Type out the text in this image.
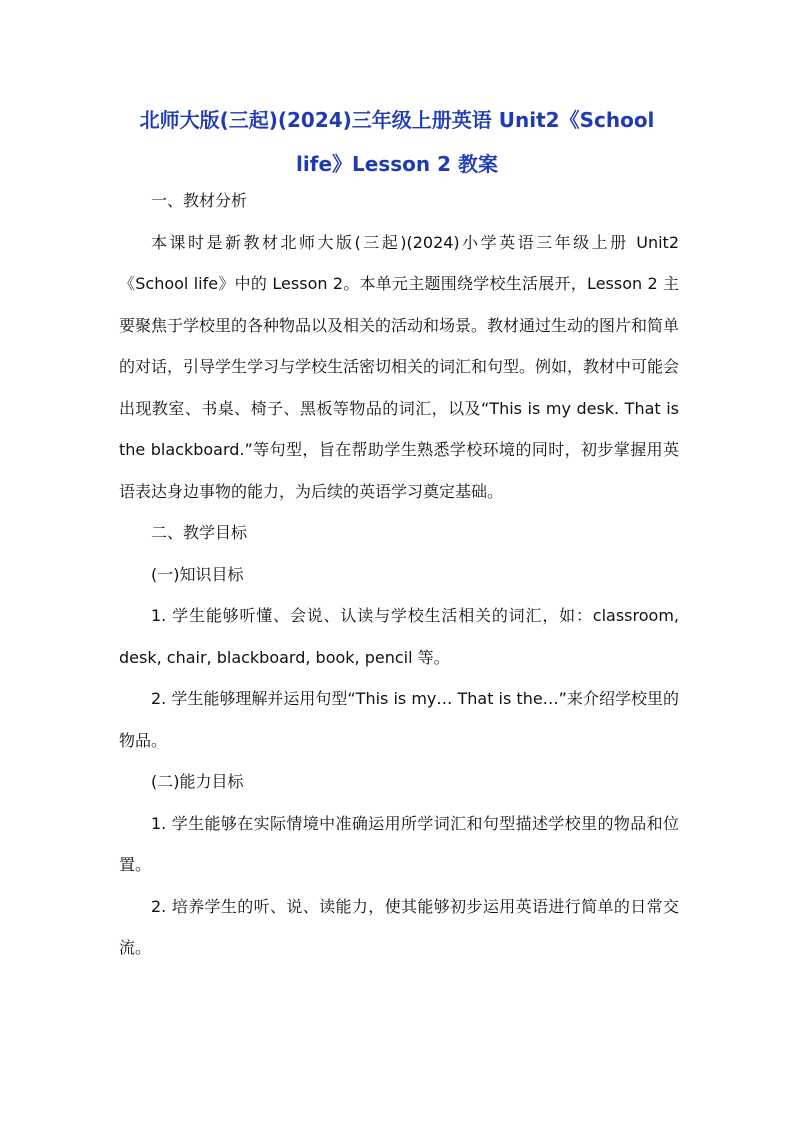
北师大版(三起)(2024)三年级上册英语 Unit2《School
life》Lesson 2 教案

一、教材分析

本课时是新教材北师大版(三起)(2024)小学英语三年级上册 Unit2《School life》中的 Lesson 2。本单元主题围绕学校生活展开，Lesson 2 主要聚焦于学校里的各种物品以及相关的活动和场景。教材通过生动的图片和简单的对话，引导学生学习与学校生活密切相关的词汇和句型。例如，教材中可能会出现教室、书桌、椅子、黑板等物品的词汇，以及“This is my desk. That is the blackboard.”等句型，旨在帮助学生熟悉学校环境的同时，初步掌握用英语表达身边事物的能力，为后续的英语学习奠定基础。

二、教学目标

(一)知识目标

1. 学生能够听懂、会说、认读与学校生活相关的词汇，如：classroom, desk, chair, blackboard, book, pencil 等。

2. 学生能够理解并运用句型“This is my… That is the…”来介绍学校里的物品。

(二)能力目标

1. 学生能够在实际情境中准确运用所学词汇和句型描述学校里的物品和位置。

2. 培养学生的听、说、读能力，使其能够初步运用英语进行简单的日常交流。
